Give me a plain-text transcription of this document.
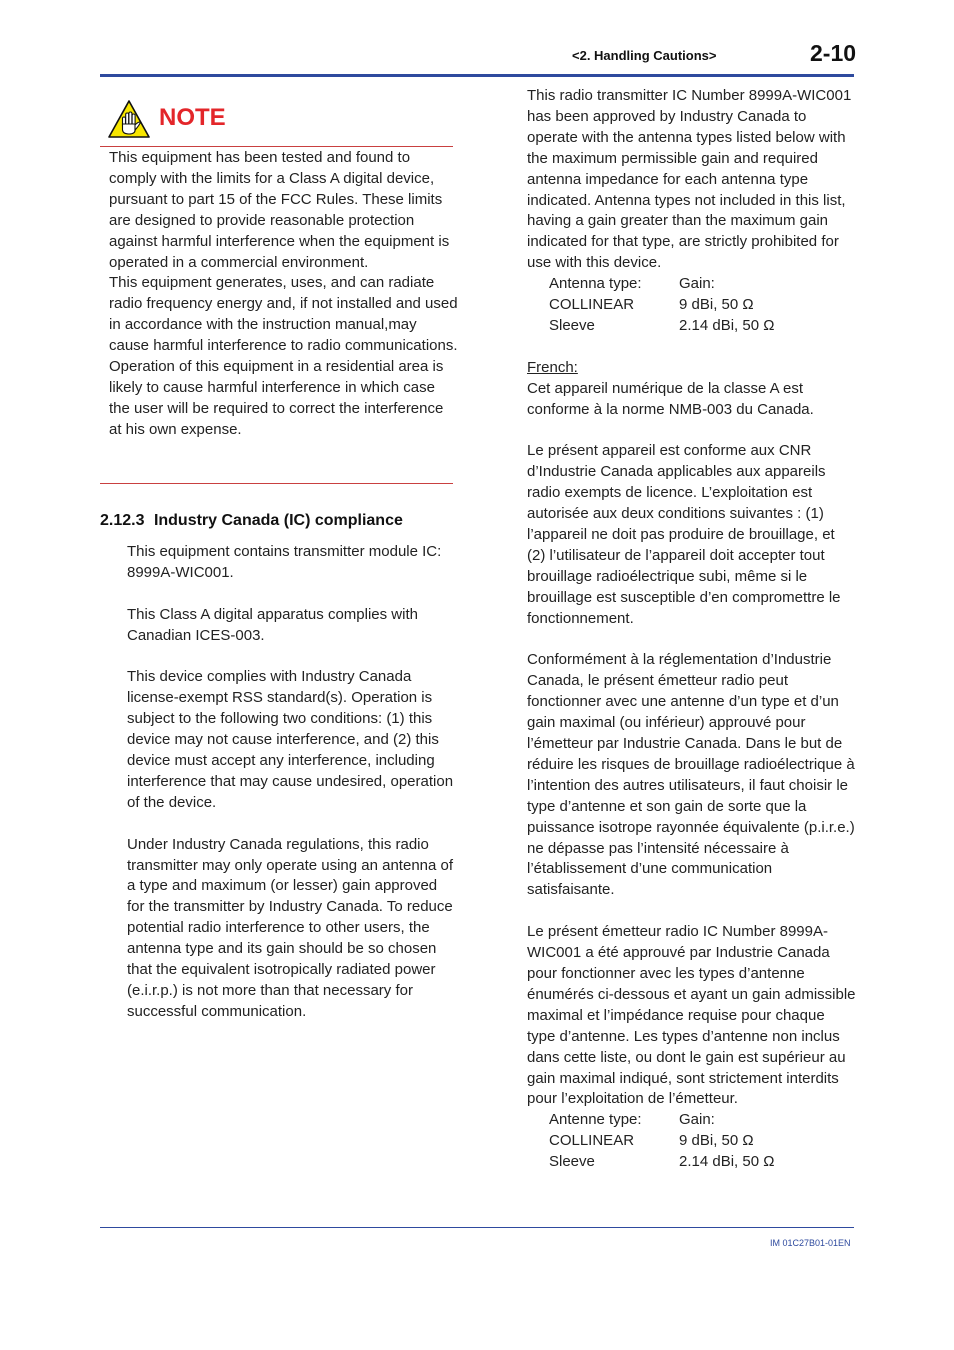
<2. Handling Cautions>	2-10
NOTE

This equipment has been tested and found to comply with the limits for a Class A digital device, pursuant to part 15 of the FCC Rules. These limits are designed to provide reasonable protection against harmful interference when the equipment is operated in a commercial environment.

This equipment generates, uses, and can radiate radio frequency energy and, if not installed and used in accordance with the instruction manual,may cause harmful interference to radio communications. Operation of this equipment in a residential area is likely to cause harmful interference in which case the user will be required to correct the interference at his own expense.

2.12.3 Industry Canada (IC) compliance

This equipment contains transmitter module IC: 8999A-WIC001.

This Class A digital apparatus complies with Canadian ICES-003.

This device complies with Industry Canada license-exempt RSS standard(s). Operation is subject to the following two conditions: (1) this device may not cause interference, and (2) this device must accept any interference, including interference that may cause undesired, operation of the device.

Under Industry Canada regulations, this radio transmitter may only operate using an antenna of a type and maximum (or lesser) gain approved for the transmitter by Industry Canada. To reduce potential radio interference to other users, the antenna type and its gain should be so chosen that the equivalent isotropically radiated power (e.i.r.p.) is not more than that necessary for successful communication.

This radio transmitter IC Number 8999A-WIC001 has been approved by Industry Canada to operate with the antenna types listed below with the maximum permissible gain and required antenna impedance for each antenna type indicated. Antenna types not included in this list, having a gain greater than the maximum gain indicated for that type, are strictly prohibited for use with this device.

Antenna type:	Gain:
COLLINEAR	9 dBi, 50 Ω
Sleeve	2.14 dBi, 50 Ω
French:

Cet appareil numérique de la classe A est conforme à la norme NMB-003 du Canada.

Le présent appareil est conforme aux CNR d’Industrie Canada applicables aux appareils radio exempts de licence. L’exploitation est autorisée aux deux conditions suivantes : (1) l’appareil ne doit pas produire de brouillage, et (2) l’utilisateur de l’appareil doit accepter tout brouillage radioélectrique subi, même si le brouillage est susceptible d’en compromettre le fonctionnement.

Conformément à la réglementation d’Industrie Canada, le présent émetteur radio peut fonctionner avec une antenne d’un type et d’un gain maximal (ou inférieur) approuvé pour l’émetteur par Industrie Canada. Dans le but de réduire les risques de brouillage radioélectrique à l’intention des autres utilisateurs, il faut choisir le type d’antenne et son gain de sorte que la puissance isotrope rayonnée équivalente (p.i.r.e.) ne dépasse pas l’intensité nécessaire à l’établissement d’une communication satisfaisante.

Le présent émetteur radio IC Number 8999A-WIC001 a été approuvé par Industrie Canada pour fonctionner avec les types d’antenne énumérés ci-dessous et ayant un gain admissible maximal et l’impédance requise pour chaque type d’antenne. Les types d’antenne non inclus dans cette liste, ou dont le gain est supérieur au gain maximal indiqué, sont strictement interdits pour l’exploitation de l’émetteur.

Antenne type:	Gain:
COLLINEAR	9 dBi, 50 Ω
Sleeve	2.14 dBi, 50 Ω
IM 01C27B01-01EN
